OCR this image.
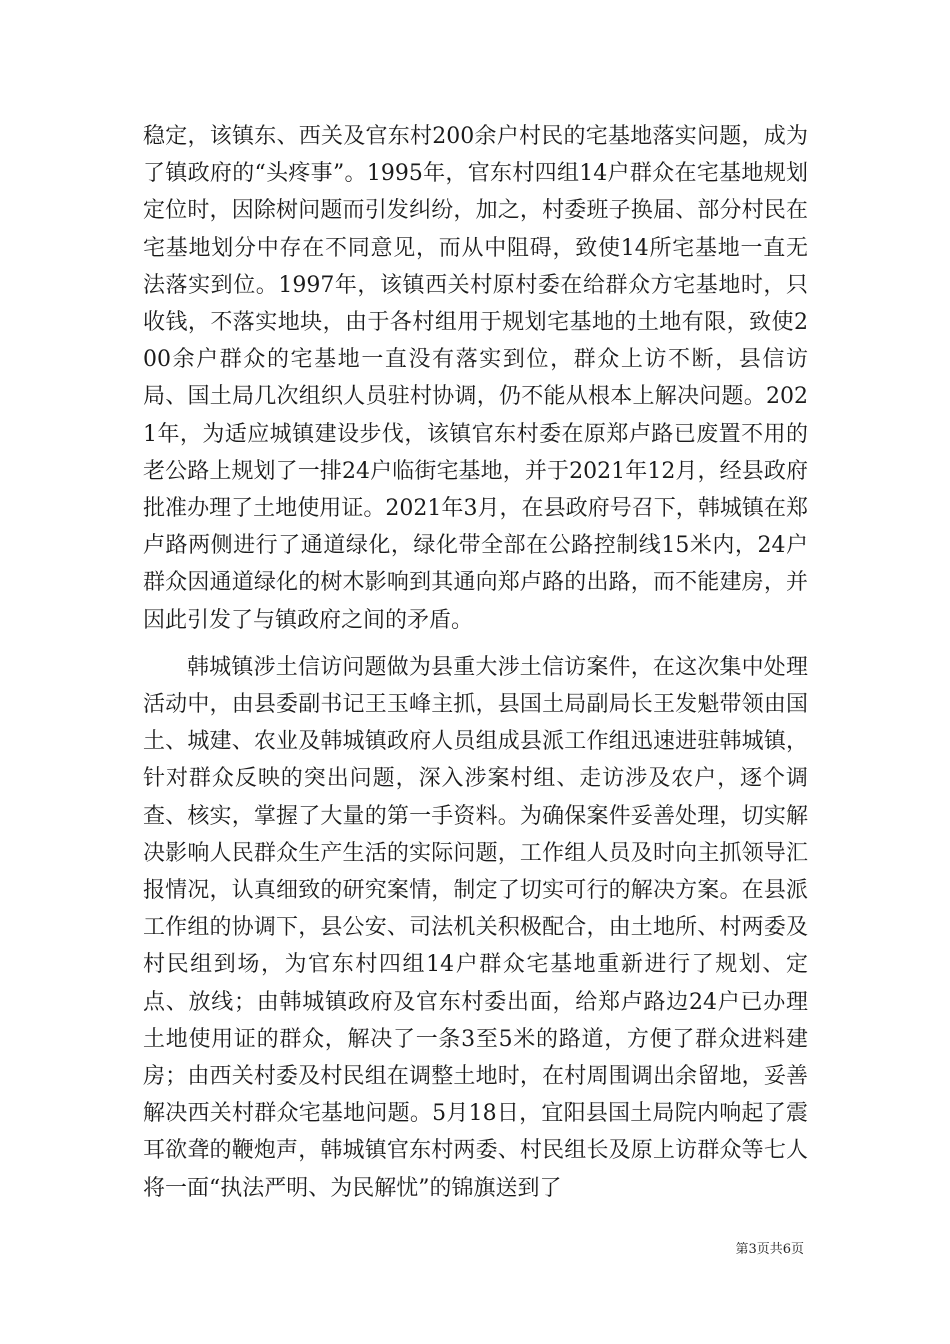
稳定，该镇东、西关及官东村200余户村民的宅基地落实问题，成为了镇政府的“头疼事”。1995年，官东村四组14户群众在宅基地规划定位时，因除树问题而引发纠纷，加之，村委班子换届、部分村民在宅基地划分中存在不同意见，而从中阻碍，致使14所宅基地一直无法落实到位。1997年，该镇西关村原村委在给群众方宅基地时，只收钱，不落实地块，由于各村组用于规划宅基地的土地有限，致使200余户群众的宅基地一直没有落实到位，群众上访不断，县信访局、国土局几次组织人员驻村协调，仍不能从根本上解决问题。2021年，为适应城镇建设步伐，该镇官东村委在原郑卢路已废置不用的老公路上规划了一排24户临街宅基地，并于2021年12月，经县政府批准办理了土地使用证。2021年3月，在县政府号召下，韩城镇在郑卢路两侧进行了通道绿化，绿化带全部在公路控制线15米内，24户群众因通道绿化的树木影响到其通向郑卢路的出路，而不能建房，并因此引发了与镇政府之间的矛盾。

韩城镇涉土信访问题做为县重大涉土信访案件，在这次集中处理活动中，由县委副书记王玉峰主抓，县国土局副局长王发魁带领由国土、城建、农业及韩城镇政府人员组成县派工作组迅速进驻韩城镇，针对群众反映的突出问题，深入涉案村组、走访涉及农户，逐个调查、核实，掌握了大量的第一手资料。为确保案件妥善处理，切实解决影响人民群众生产生活的实际问题，工作组人员及时向主抓领导汇报情况，认真细致的研究案情，制定了切实可行的解决方案。在县派工作组的协调下，县公安、司法机关积极配合，由土地所、村两委及村民组到场，为官东村四组14户群众宅基地重新进行了规划、定点、放线；由韩城镇政府及官东村委出面，给郑卢路边24户已办理土地使用证的群众，解决了一条3至5米的路道，方便了群众进料建房；由西关村委及村民组在调整土地时，在村周围调出余留地，妥善解决西关村群众宅基地问题。5月18日，宜阳县国土局院内响起了震耳欲聋的鞭炮声，韩城镇官东村两委、村民组长及原上访群众等七人将一面“执法严明、为民解忧”的锦旗送到了

第3页共6页
